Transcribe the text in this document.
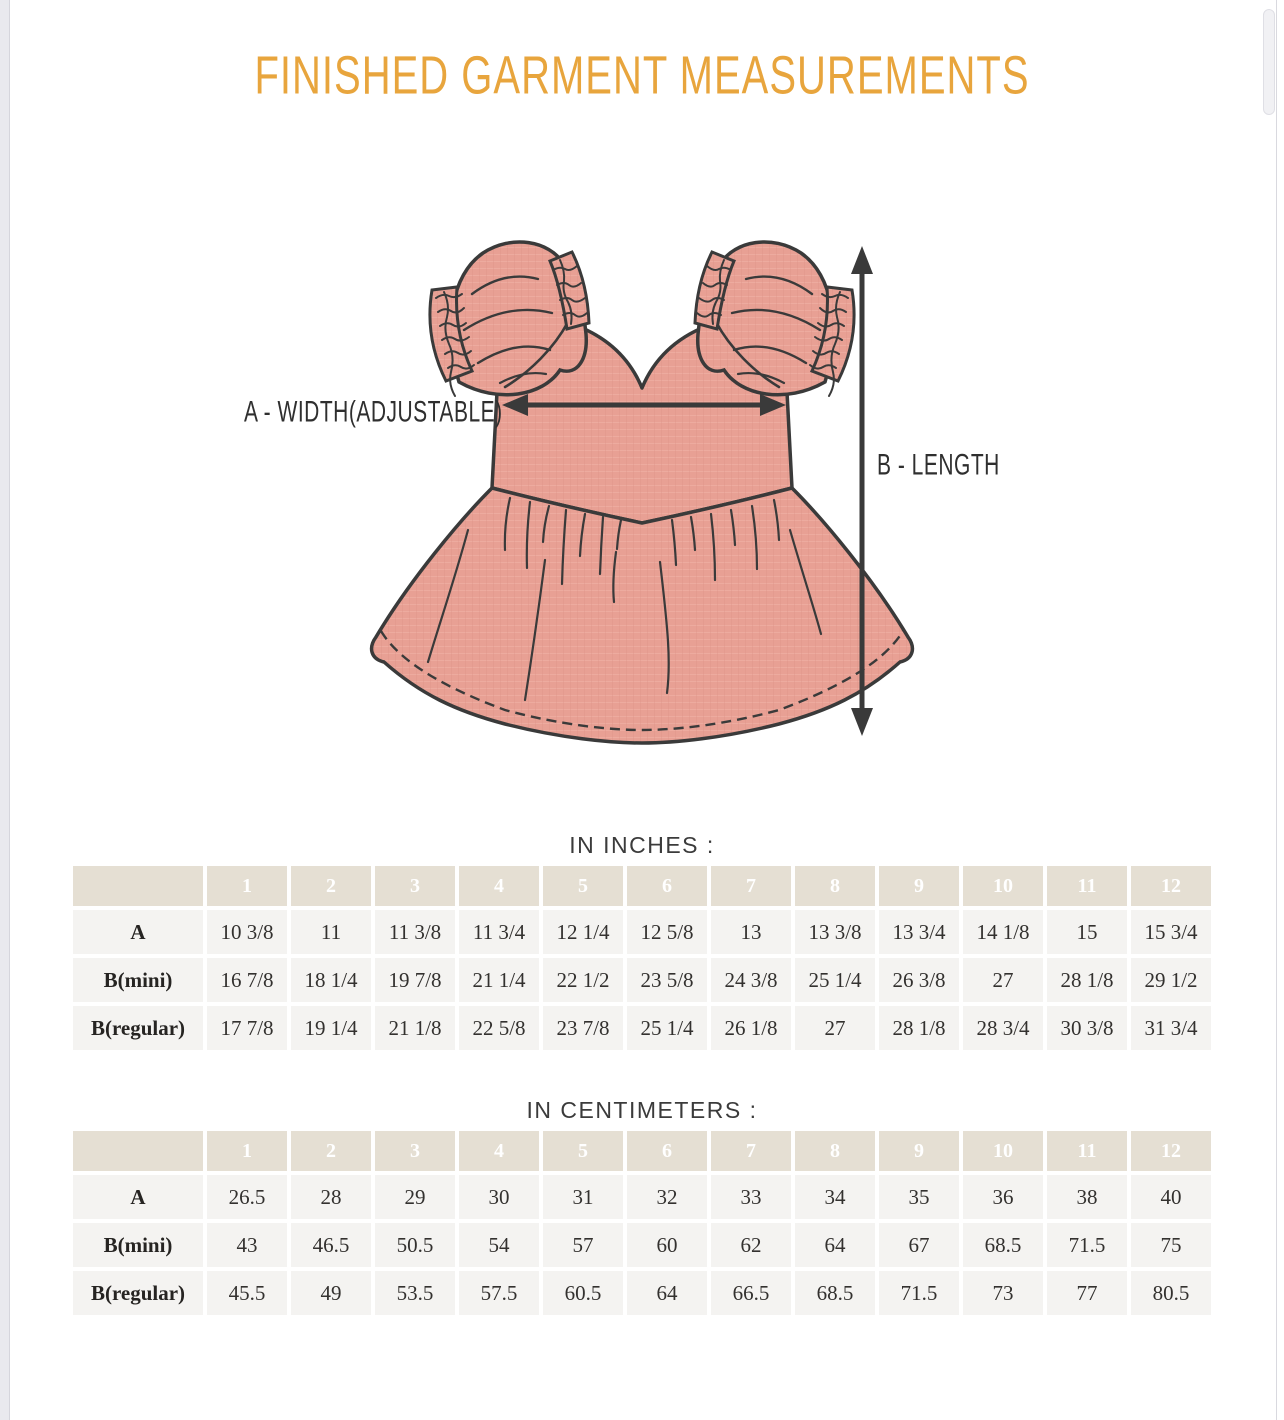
FINISHED GARMENT MEASUREMENTS
A - WIDTH(ADJUSTABLE)
B - LENGTH
IN INCHES :
	1	2	3	4	5	6	7	8	9	10	11	12
A	10 3/8	11	11 3/8	11 3/4	12 1/4	12 5/8	13	13 3/8	13 3/4	14 1/8	15	15 3/4
B(mini)	16 7/8	18 1/4	19 7/8	21 1/4	22 1/2	23 5/8	24 3/8	25 1/4	26 3/8	27	28 1/8	29 1/2
B(regular)	17 7/8	19 1/4	21 1/8	22 5/8	23 7/8	25 1/4	26 1/8	27	28 1/8	28 3/4	30 3/8	31 3/4
IN CENTIMETERS :
	1	2	3	4	5	6	7	8	9	10	11	12
A	26.5	28	29	30	31	32	33	34	35	36	38	40
B(mini)	43	46.5	50.5	54	57	60	62	64	67	68.5	71.5	75
B(regular)	45.5	49	53.5	57.5	60.5	64	66.5	68.5	71.5	73	77	80.5
